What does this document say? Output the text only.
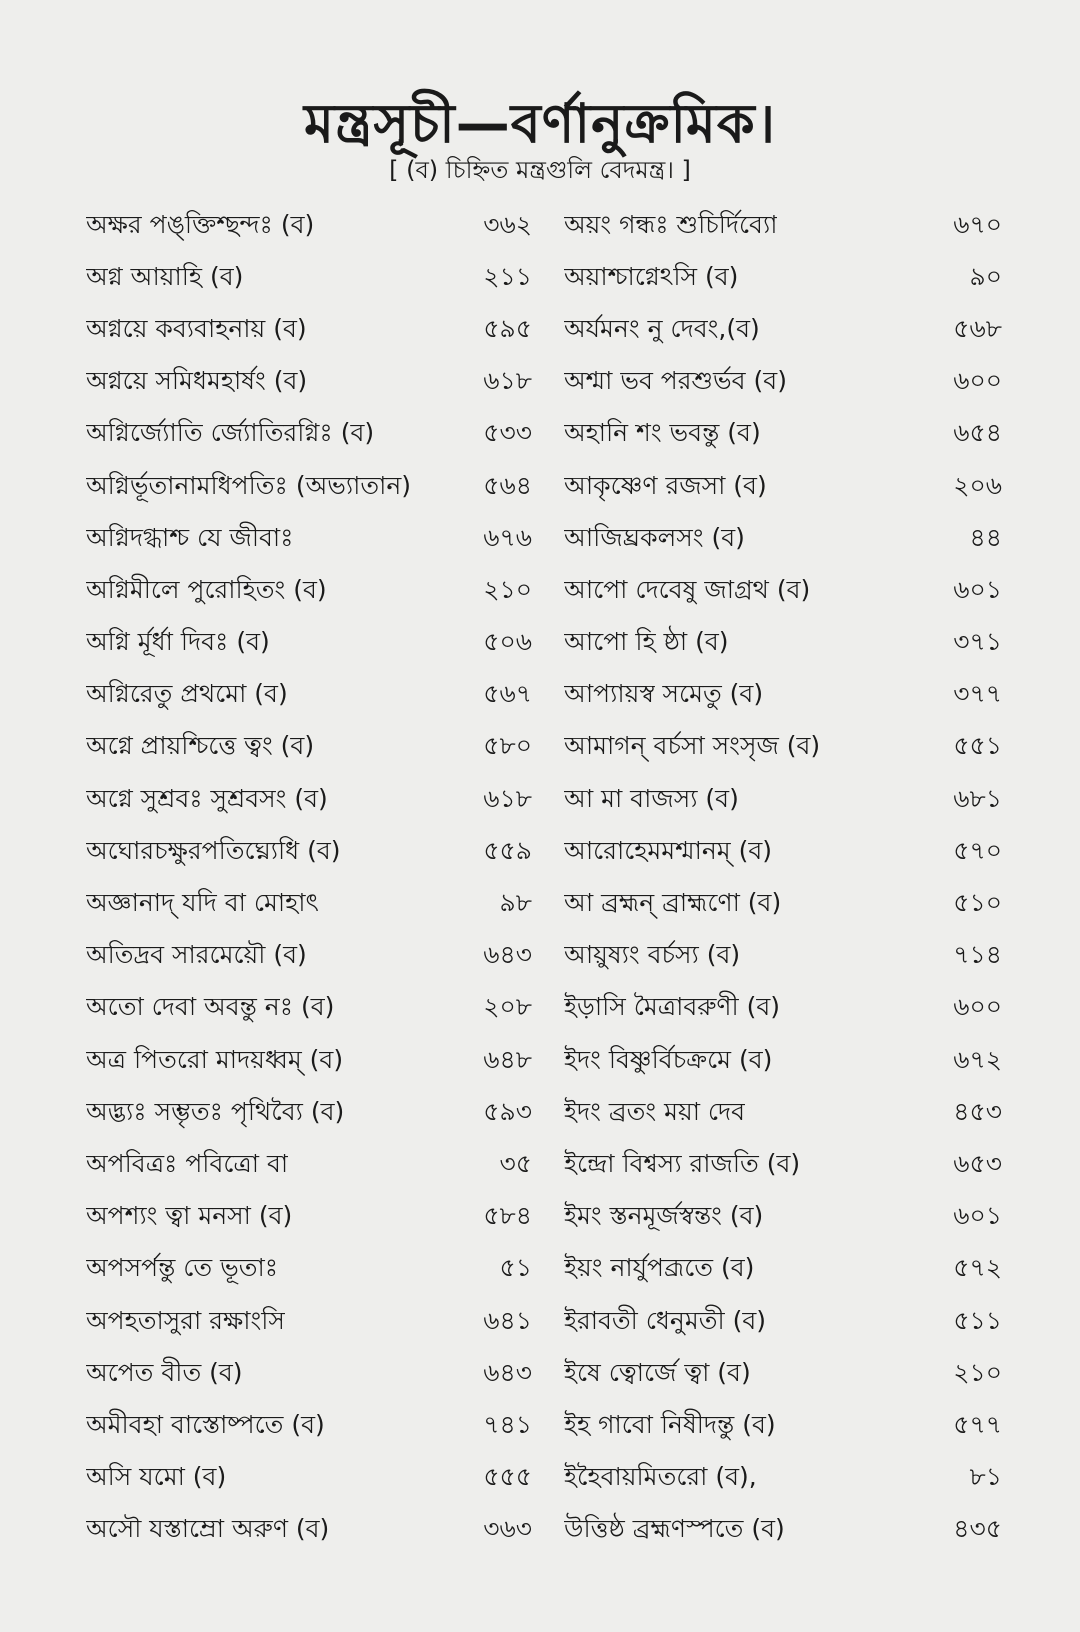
মন্ত্রসূচী—বর্ণানুক্রমিক।
[ (ব) চিহ্নিত মন্ত্রগুলি বেদমন্ত্র। ]
অক্ষর পঙ্‌ক্তিশ্ছন্দঃ (ব)	৩৬২
অগ্ন আয়াহি (ব)	২১১
অগ্নয়ে কব্যবাহনায় (ব)	৫৯৫
অগ্নয়ে সমিধমহার্ষং (ব)	৬১৮
অগ্নির্জ্যোতি র্জ্যোতিরগ্নিঃ (ব)	৫৩৩
অগ্নির্ভূতানামধিপতিঃ (অভ্যাতান)	৫৬৪
অগ্নিদগ্ধাশ্চ যে জীবাঃ	৬৭৬
অগ্নিমীলে পুরোহিতং (ব)	২১০
অগ্নি র্মূর্ধা দিবঃ (ব)	৫০৬
অগ্নিরেতু প্রথমো (ব)	৫৬৭
অগ্নে প্রায়শ্চিত্তে ত্বং (ব)	৫৮০
অগ্নে সুশ্রবঃ সুশ্রবসং (ব)	৬১৮
অঘোরচক্ষুরপতিঘ্ন্যেধি (ব)	৫৫৯
অজ্ঞানাদ্ যদি বা মোহাৎ	৯৮
অতিদ্রব সারমেয়ৌ (ব)	৬৪৩
অতো দেবা অবন্তু নঃ (ব)	২০৮
অত্র পিতরো মাদয়ধ্বম্ (ব)	৬৪৮
অদ্ভ্যঃ সম্ভৃতঃ পৃথিব্যৈ (ব)	৫৯৩
অপবিত্রঃ পবিত্রো বা	৩৫
অপশ্যং ত্বা মনসা (ব)	৫৮৪
অপসর্পন্তু তে ভূতাঃ	৫১
অপহতাসুরা রক্ষাংসি	৬৪১
অপেত বীত (ব)	৬৪৩
অমীবহা বাস্তোষ্পতে (ব)	৭৪১
অসি যমো (ব)	৫৫৫
অসৌ যস্তাম্রো অরুণ (ব)	৩৬৩
অয়ং গন্ধঃ শুচির্দিব্যো	৬৭০
অয়াশ্চাগ্নেঽসি (ব)	৯০
অর্যমনং নু দেবং,(ব)	৫৬৮
অশ্মা ভব পরশুর্ভব (ব)	৬০০
অহানি শং ভবন্তু (ব)	৬৫৪
আকৃষ্ণেণ রজসা (ব)	২০৬
আজিঘ্রকলসং (ব)	৪৪
আপো দেবেষু জাগ্রথ (ব)	৬০১
আপো হি ষ্ঠা (ব)	৩৭১
আপ্যায়স্ব সমেতু (ব)	৩৭৭
আমাগন্ বর্চসা সংসৃজ (ব)	৫৫১
আ মা বাজস্য (ব)	৬৮১
আরোহেমমশ্মানম্ (ব)	৫৭০
আ ব্রহ্মন্ ব্রাহ্মণো (ব)	৫১০
আয়ুষ্যং বর্চস্য (ব)	৭১৪
ইড়াসি মৈত্রাবরুণী (ব)	৬০০
ইদং বিষ্ণুর্বিচক্রমে (ব)	৬৭২
ইদং ব্রতং ময়া দেব	৪৫৩
ইন্দ্রো বিশ্বস্য রাজতি (ব)	৬৫৩
ইমং স্তনমূর্জস্বন্তং (ব)	৬০১
ইয়ং নার্যুপব্রূতে (ব)	৫৭২
ইরাবতী ধেনুমতী (ব)	৫১১
ইষে ত্বোর্জে ত্বা (ব)	২১০
ইহ গাবো নিষীদন্তু (ব)	৫৭৭
ইহৈবায়মিতরো (ব),	৮১
উত্তিষ্ঠ ব্রহ্মণস্পতে (ব)	৪৩৫
